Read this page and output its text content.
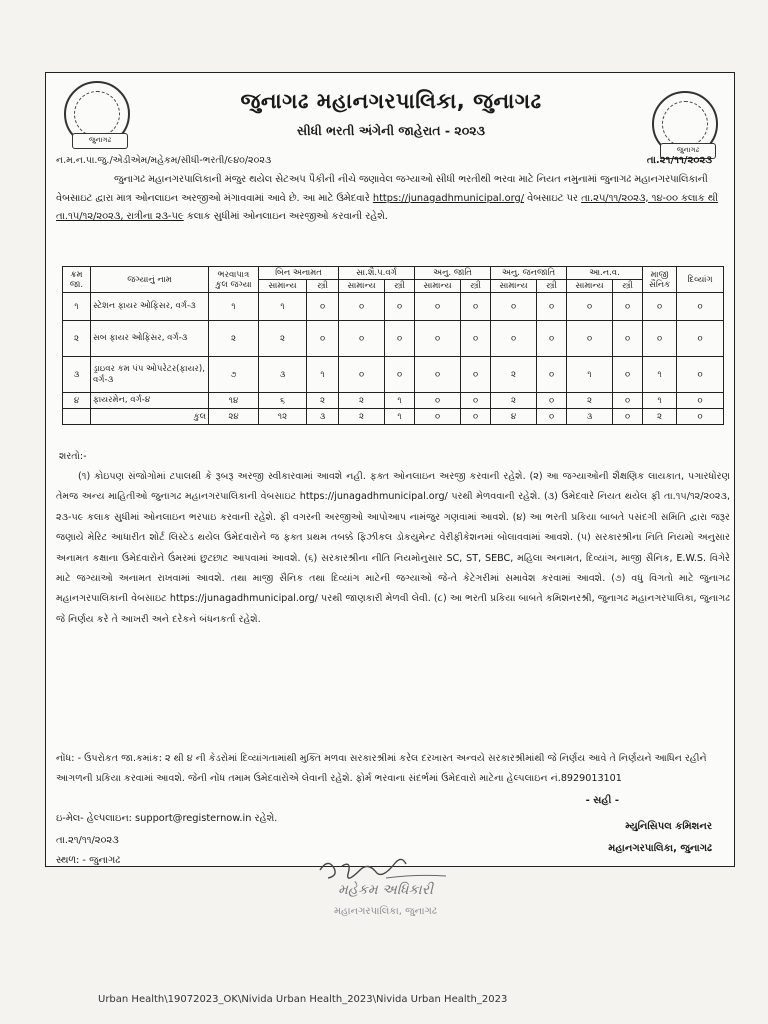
જુનાગઢ
જુનાગઢ
જુનાગઢ મહાનગરપાલિકા, જુનાગઢ
સીધી ભરતી અંગેની જાહેરાત - ૨૦૨૩
ન.મ.ન.પા.જુ./એડીએમ/મહેકમ/સીધી-ભરતી/૯૪૦/૨૦૨૩	તા.૨૧/૧૧/૨૦૨૩
જુનાગઢ મહાનગરપાલિકાની મંજુર થયેલ સેટઅપ પૈકીની નીચે જણાવેલ જગ્યાઓ સીધી ભરતીથી ભરવા માટે નિયત નમુનામાં જુનાગઢ મહાનગરપાલિકાની વેબસાઇટ દ્વારા માત્ર ઓનલાઇન અરજીઓ મંગાવવામાં આવે છે. આ માટે ઉમેદવારે https://junagadhmunicipal.org/ વેબસાઇટ પર તા.૨૫/૧૧/૨૦૨૩, ૧૪-૦૦ કલાક થી તા.૧૫/૧૨/૨૦૨૩, રાત્રીના ૨૩-૫૯ કલાક સુધીમાં ઓનલાઇન અરજીઓ કરવાની રહેશે.
ક્રમ જા.	જગ્યાનું નામ	ભરવાપાત્ર કુલ જગ્યા	બિન અનામત		સા.શૈ.પ.વર્ગ		અનુ. જાતિ		અનુ. જનજાતિ		આ.ન.વ.		માજી સૈનિક	દિવ્યાંગ
			સામાન્ય	સ્ત્રી	સામાન્ય	સ્ત્રી	સામાન્ય	સ્ત્રી	સામાન્ય	સ્ત્રી	સામાન્ય	સ્ત્રી		
૧	સ્ટેશન ફાયર ઓફિસર, વર્ગ-૩	૧	૧	૦	૦	૦	૦	૦	૦	૦	૦	૦	૦	૦
૨	સબ ફાયર ઓફિસર, વર્ગ-૩	૨	૨	૦	૦	૦	૦	૦	૦	૦	૦	૦	૦	૦
૩	ડ્રાઇવર કમ પંપ ઓપરેટર(ફાયર), વર્ગ-૩	૭	૩	૧	૦	૦	૦	૦	૨	૦	૧	૦	૧	૦
૪	ફાયરમેન, વર્ગ-૪	૧૪	૬	૨	૨	૧	૦	૦	૨	૦	૨	૦	૧	૦
	કુલ	૨૪	૧૨	૩	૨	૧	૦	૦	૪	૦	૩	૦	૨	૦
શરતો:-
(૧) કોઇપણ સંજોગોમાં ટપાલથી કે રૂબરૂ અરજી સ્વીકારવામાં આવશે નહી. ફક્ત ઓનલાઇન અરજી કરવાની રહેશે. (૨) આ જગ્યાઓની શૈક્ષણિક લાયકાત, પગારધોરણ તેમજ અન્ય માહિતીઓ જુનાગઢ મહાનગરપાલિકાની વેબસાઇટ https://junagadhmunicipal.org/ પરથી મેળવવાની રહેશે. (૩) ઉમેદવારે નિયત થયેલ ફી તા.૧૫/૧૨/૨૦૨૩, ૨૩-૫૯ કલાક સુધીમાં ઓનલાઇન ભરપાઇ કરવાની રહેશે. ફી વગરની અરજીઓ આપોઆપ નામંજુર ગણવામાં આવશે. (૪) આ ભરતી પ્રકિયા બાબતે પસંદગી સમિતિ દ્વારા જરૂર જણાયે મેરિટ આધારીત શોર્ટ લિસ્ટેડ થયેલ ઉમેદવારોને જ ફક્ત પ્રથમ તબક્કે ફિઝીકલ ડોકયુમેન્ટ વેરીફીકેશનમાં બોલાવવામાં આવશે. (૫) સરકારશ્રીના નિતિ નિયમો અનુસાર અનામત કક્ષાના ઉમેદવારોને ઉંમરમાં છુટછાટ આપવામાં આવશે. (૬) સરકારશ્રીના નીતિ નિયમોનુસાર SC, ST, SEBC, મહિલા અનામત, દિવ્યાંગ, માજી સૈનિક, E.W.S. વિગેરે માટે જગ્યાઓ અનામત રાખવામાં આવશે. તથા માજી સૈનિક તથા દિવ્યાંગ માટેની જગ્યાઓ જે-તે કેટેગરીમાં સમાવેશ કરવામાં આવશે. (૭) વધુ વિગતો માટે જુનાગઢ મહાનગરપાલિકાની વેબસાઇટ https://junagadhmunicipal.org/ પરથી જાણકારી મેળવી લેવી. (૮) આ ભરતી પ્રકિયા બાબતે કમિશનરશ્રી, જુનાગઢ મહાનગરપાલિકા, જુનાગઢ જે નિર્ણય કરે તે આખરી અને દરેકને બંધનકર્તા રહેશે.
નોંધ: - ઉપરોકત જા.કમાંક: ૨ થી ૪ ની કેડરોમાં દિવ્યાંગતામાંથી મુક્તિ મળવા સરકારશ્રીમાં કરેલ દરખાસ્ત અન્વયે સરકારશ્રીમાંથી જે નિર્ણય આવે તે નિર્ણયને આધિન રહીને આગળની પ્રકિયા કરવામાં આવશે. જેની નોંધ તમામ ઉમેદવારોએ લેવાની રહેશે. ફોર્મ ભરવાના સંદર્ભમાં ઉમેદવારો માટેના હેલ્પલાઇન નં.8929013101
ઇ-મેલ- હેલ્પલાઇન: support@registernow.in રહેશે.
તા.૨૧/૧૧/૨૦૨૩
સ્થળ: - જુનાગઢ
- સહી -
મ્યુનિસિપલ કમિશનર
મહાનગરપાલિકા, જુનાગઢ
મહેકમ અધિકારી
મહાનગરપાલિકા, જુનાગઢ
Urban Health\19072023_OK\Nivida Urban Health_2023\Nivida Urban Health_2023
